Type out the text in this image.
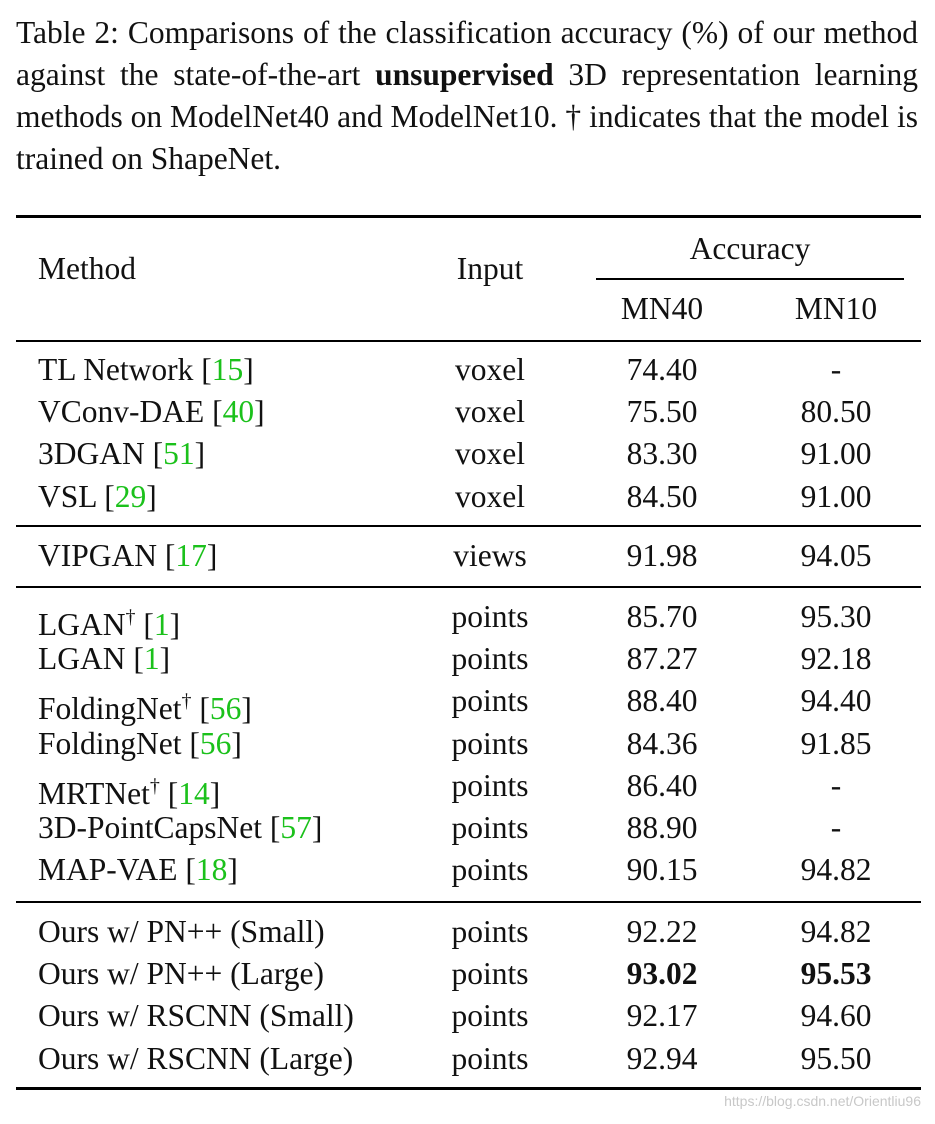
Table 2: Comparisons of the classification accuracy (%) of our method against the state-of-the-art unsupervised 3D representation learning methods on ModelNet40 and ModelNet10. † indicates that the model is trained on ShapeNet.
Method	Input
Accuracy
MN40	MN10
TL Network [15]	voxel	74.40	-
VConv-DAE [40]	voxel	75.50	80.50
3DGAN [51]	voxel	83.30	91.00
VSL [29]	voxel	84.50	91.00
VIPGAN [17]	views	91.98	94.05
LGAN† [1]	points	85.70	95.30
LGAN [1]	points	87.27	92.18
FoldingNet† [56]	points	88.40	94.40
FoldingNet [56]	points	84.36	91.85
MRTNet† [14]	points	86.40	-
3D-PointCapsNet [57]	points	88.90	-
MAP-VAE [18]	points	90.15	94.82
Ours w/ PN++ (Small)	points	92.22	94.82
Ours w/ PN++ (Large)	points	93.02	95.53
Ours w/ RSCNN (Small)	points	92.17	94.60
Ours w/ RSCNN (Large)	points	92.94	95.50
https://blog.csdn.net/Orientliu96
